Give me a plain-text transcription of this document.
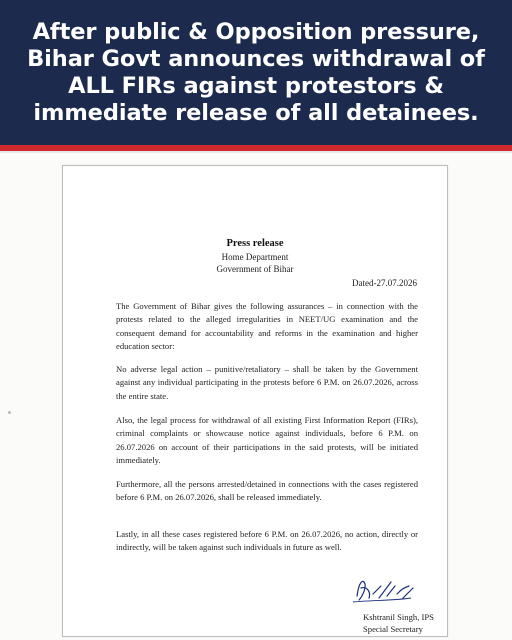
After public & Opposition pressure, Bihar Govt announces withdrawal of ALL FIRs against protestors & immediate release of all detainees.
Press release
Home Department
Government of Bihar
Dated-27.07.2026

The Government of Bihar gives the following assurances – in connection with the protests related to the alleged irregularities in NEET/UG examination and the consequent demand for accountability and reforms in the examination and higher education sector:

No adverse legal action – punitive/retaliatory – shall be taken by the Government against any individual participating in the protests before 6 P.M. on 26.07.2026, across the entire state.

Also, the legal process for withdrawal of all existing First Information Report (FIRs), criminal complaints or showcause notice against individuals, before 6 P.M. on 26.07.2026 on account of their participations in the said protests, will be initiated immediately.

Furthermore, all the persons arrested/detained in connections with the cases registered before 6 P.M. on 26.07.2026, shall be released immediately.

Lastly, in all these cases registered before 6 P.M. on 26.07.2026, no action, directly or indirectly, will be taken against such individuals in future as well.

Kshtranil Singh, IPS
Special Secretary
